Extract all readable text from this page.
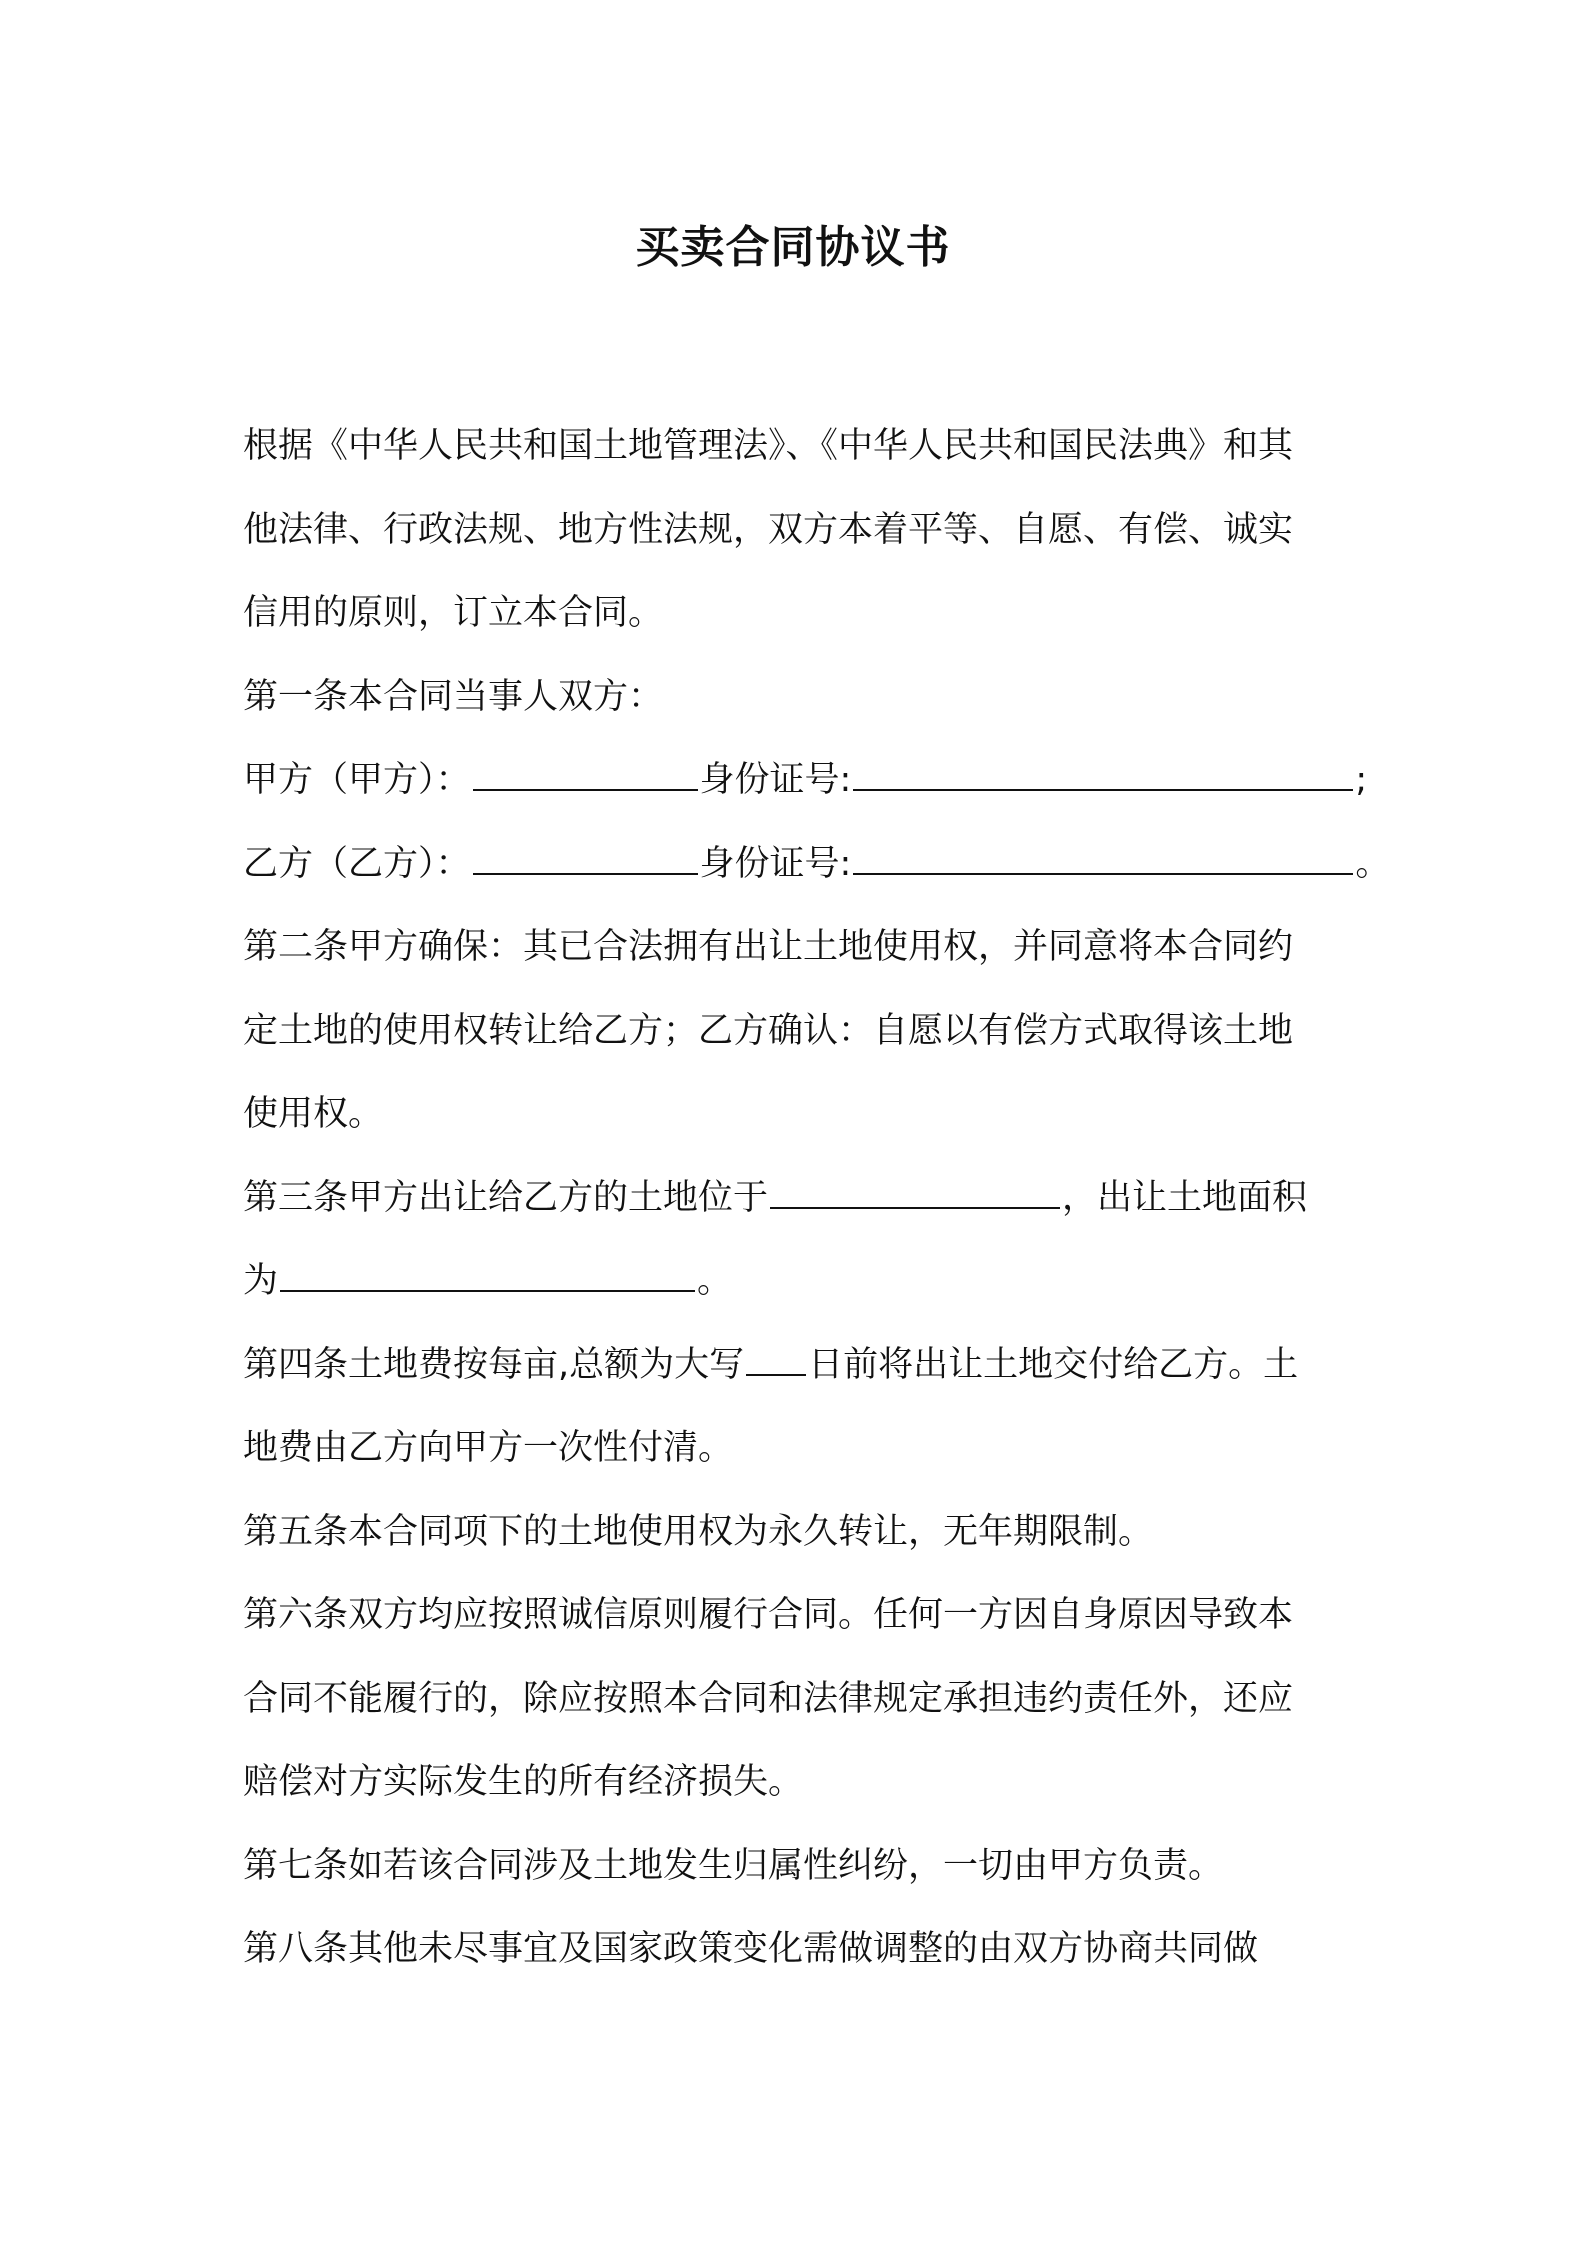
买卖合同协议书

根据《中华人民共和国土地管理法》、《中华人民共和国民法典》和其

他法律、行政法规、地方性法规，双方本着平等、自愿、有偿、诚实

信用的原则，订立本合同。

第一条本合同当事人双方：

甲方（甲方）：	身份证号:	;

乙方（乙方）：	身份证号:	。

第二条甲方确保：其已合法拥有出让土地使用权，并同意将本合同约

定土地的使用权转让给乙方；乙方确认：自愿以有偿方式取得该土地

使用权。

第三条甲方出让给乙方的土地位于	，出让土地面积

为	。

第四条土地费按每亩,总额为大写 日前将出让土地交付给乙方。土

地费由乙方向甲方一次性付清。

第五条本合同项下的土地使用权为永久转让，无年期限制。

第六条双方均应按照诚信原则履行合同。任何一方因自身原因导致本

合同不能履行的，除应按照本合同和法律规定承担违约责任外，还应

赔偿对方实际发生的所有经济损失。

第七条如若该合同涉及土地发生归属性纠纷，一切由甲方负责。

第八条其他未尽事宜及国家政策变化需做调整的由双方协商共同做
